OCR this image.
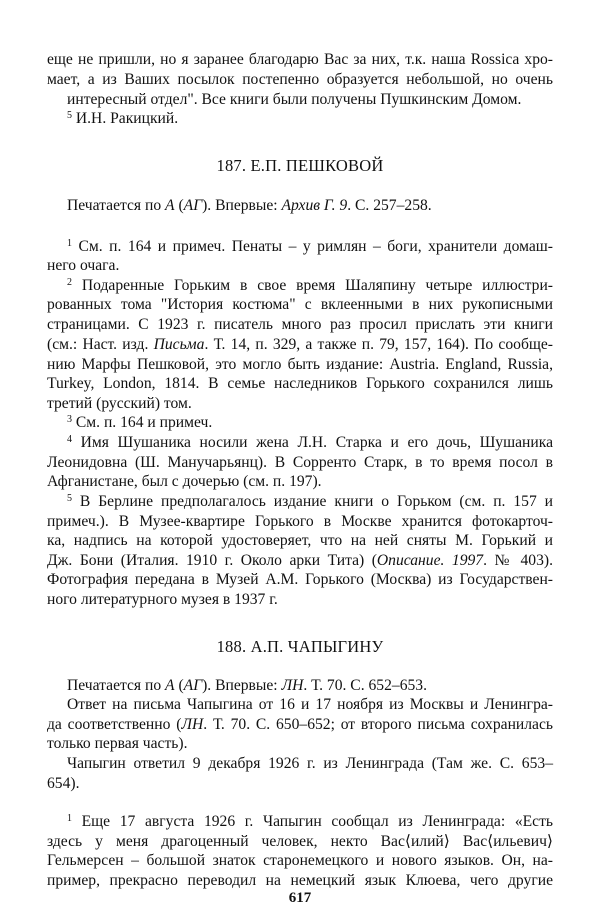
еще не пришли, но я заранее благодарю Вас за них, т.к. наша Rossica хро-
мает, а из Ваших посылок постепенно образуется небольшой, но очень
интересный отдел". Все книги были получены Пушкинским Домом.
$^5$ И.Н. Ракицкий.
187. Е.П. ПЕШКОВОЙ
Печатается по А (АГ). Впервые: Архив Г. 9. С. 257–258.
$^1$ См. п. 164 и примеч. Пенаты – у римлян – боги, хранители домаш-
него очага.
$^2$ Подаренные Горьким в свое время Шаляпину четыре иллюстри-
рованных тома "История костюма" с вклеенными в них рукописными
страницами. С 1923 г. писатель много раз просил прислать эти книги
(см.: Наст. изд. Письма. Т. 14, п. 329, а также п. 79, 157, 164). По сообще-
нию Марфы Пешковой, это могло быть издание: Austria. England, Russia,
Turkey, London, 1814. В семье наследников Горького сохранился лишь
третий (русский) том.
$^3$ См. п. 164 и примеч.
$^4$ Имя Шушаника носили жена Л.Н. Старка и его дочь, Шушаника
Леонидовна (Ш. Манучарьянц). В Сорренто Старк, в то время посол в
Афганистане, был с дочерью (см. п. 197).
$^5$ В Берлине предполагалось издание книги о Горьком (см. п. 157 и
примеч.). В Музее-квартире Горького в Москве хранится фотокарточ-
ка, надпись на которой удостоверяет, что на ней сняты М. Горький и
Дж. Бони (Италия. 1910 г. Около арки Тита) (Описание. 1997. № 403).
Фотография передана в Музей А.М. Горького (Москва) из Государствен-
ного литературного музея в 1937 г.
188. А.П. ЧАПЫГИНУ
Печатается по А (АГ). Впервые: ЛН. Т. 70. С. 652–653.
Ответ на письма Чапыгина от 16 и 17 ноября из Москвы и Ленингра-
да соответственно (ЛН. Т. 70. С. 650–652; от второго письма сохранилась
только первая часть).
Чапыгин ответил 9 декабря 1926 г. из Ленинграда (Там же. С. 653–
654).
$^1$ Еще 17 августа 1926 г. Чапыгин сообщал из Ленинграда: «Есть
здесь у меня драгоценный человек, некто Вас⟨илий⟩ Вас⟨ильевич⟩
Гельмерсен – большой знаток старонемецкого и нового языков. Он, на-
пример, прекрасно переводил на немецкий язык Клюева, чего другие
617
